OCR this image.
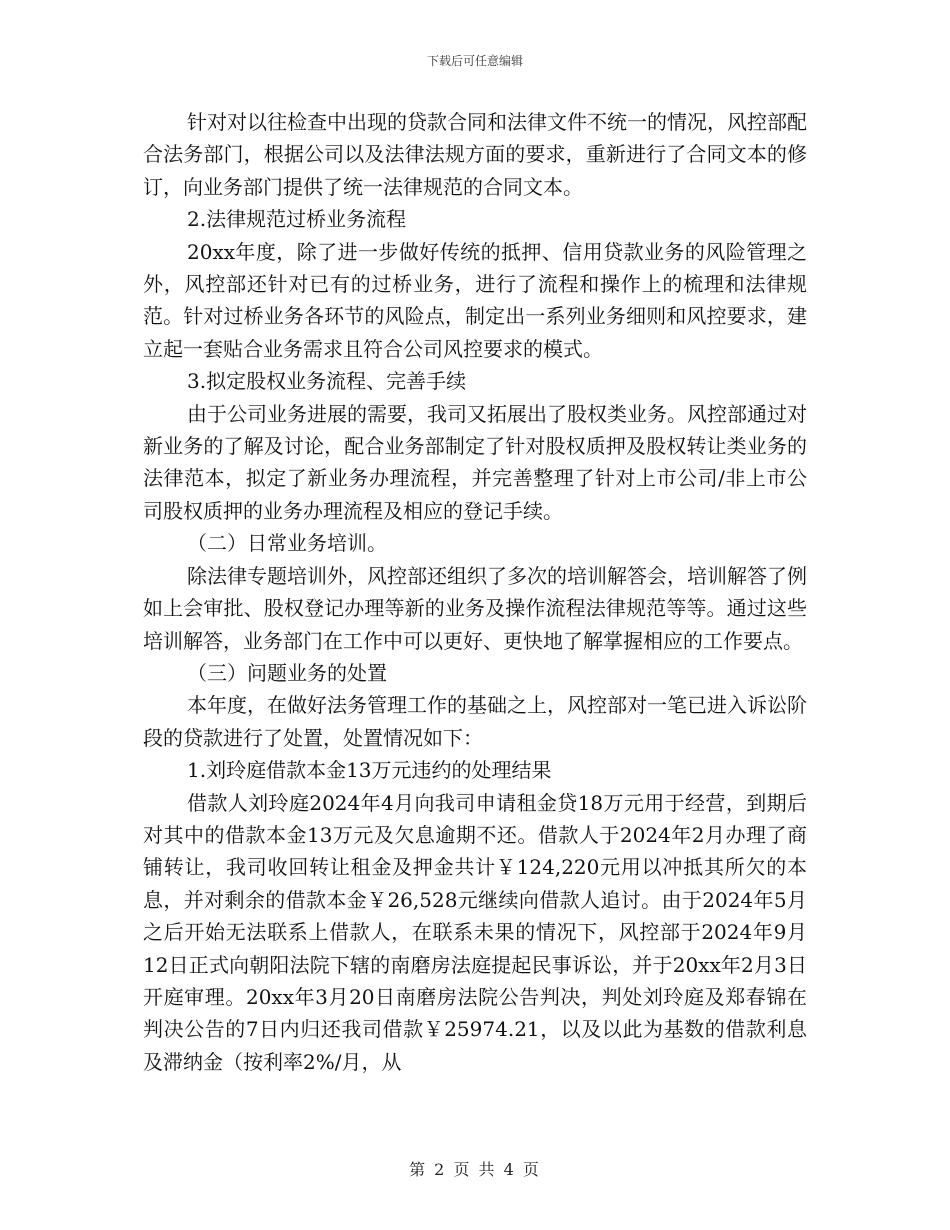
下载后可任意编辑

针对对以往检查中出现的贷款合同和法律文件不统一的情况，风控部配合法务部门，根据公司以及法律法规方面的要求，重新进行了合同文本的修订，向业务部门提供了统一法律规范的合同文本。

2.法律规范过桥业务流程

20xx年度，除了进一步做好传统的抵押、信用贷款业务的风险管理之外，风控部还针对已有的过桥业务，进行了流程和操作上的梳理和法律规范。针对过桥业务各环节的风险点，制定出一系列业务细则和风控要求，建立起一套贴合业务需求且符合公司风控要求的模式。

3.拟定股权业务流程、完善手续

由于公司业务进展的需要，我司又拓展出了股权类业务。风控部通过对新业务的了解及讨论，配合业务部制定了针对股权质押及股权转让类业务的法律范本，拟定了新业务办理流程，并完善整理了针对上市公司/非上市公司股权质押的业务办理流程及相应的登记手续。

（二）日常业务培训。

除法律专题培训外，风控部还组织了多次的培训解答会，培训解答了例如上会审批、股权登记办理等新的业务及操作流程法律规范等等。通过这些培训解答，业务部门在工作中可以更好、更快地了解掌握相应的工作要点。

（三）问题业务的处置

本年度，在做好法务管理工作的基础之上，风控部对一笔已进入诉讼阶段的贷款进行了处置，处置情况如下：

1.刘玲庭借款本金13万元违约的处理结果

借款人刘玲庭2024年4月向我司申请租金贷18万元用于经营，到期后对其中的借款本金13万元及欠息逾期不还。借款人于2024年2月办理了商铺转让，我司收回转让租金及押金共计￥124,220元用以冲抵其所欠的本息，并对剩余的借款本金￥26,528元继续向借款人追讨。由于2024年5月之后开始无法联系上借款人，在联系未果的情况下，风控部于2024年9月12日正式向朝阳法院下辖的南磨房法庭提起民事诉讼，并于20xx年2月3日开庭审理。20xx年3月20日南磨房法院公告判决，判处刘玲庭及郑春锦在判决公告的7日内归还我司借款￥25974.21，以及以此为基数的借款利息及滞纳金（按利率2%/月，从

第 2 页 共 4 页
